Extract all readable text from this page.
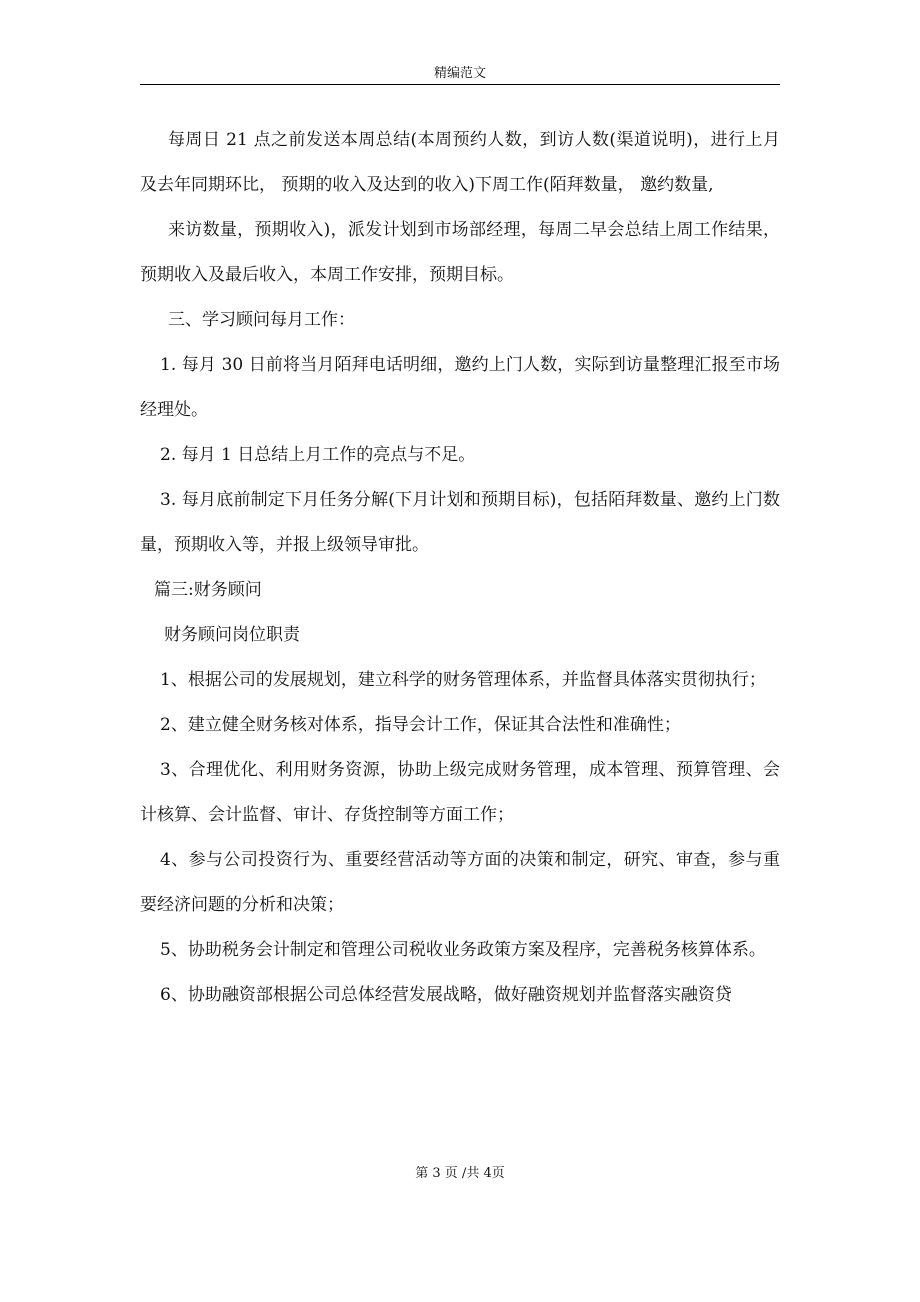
精编范文

每周日 21 点之前发送本周总结(本周预约人数，到访人数(渠道说明)，进行上月及去年同期环比， 预期的收入及达到的收入)下周工作(陌拜数量， 邀约数量,

来访数量，预期收入)，派发计划到市场部经理，每周二早会总结上周工作结果，预期收入及最后收入，本周工作安排，预期目标。

三、学习顾问每月工作：

1. 每月 30 日前将当月陌拜电话明细，邀约上门人数，实际到访量整理汇报至市场经理处。

2. 每月 1 日总结上月工作的亮点与不足。

3. 每月底前制定下月任务分解(下月计划和预期目标)，包括陌拜数量、邀约上门数量，预期收入等，并报上级领导审批。

篇三:财务顾问

财务顾问岗位职责

1、根据公司的发展规划，建立科学的财务管理体系，并监督具体落实贯彻执行；

2、建立健全财务核对体系，指导会计工作，保证其合法性和准确性；

3、合理优化、利用财务资源，协助上级完成财务管理，成本管理、预算管理、会计核算、会计监督、审计、存货控制等方面工作；

4、参与公司投资行为、重要经营活动等方面的决策和制定，研究、审查，参与重要经济问题的分析和决策；

5、协助税务会计制定和管理公司税收业务政策方案及程序，完善税务核算体系。

6、协助融资部根据公司总体经营发展战略，做好融资规划并监督落实融资贷

第 3 页 /共 4页
